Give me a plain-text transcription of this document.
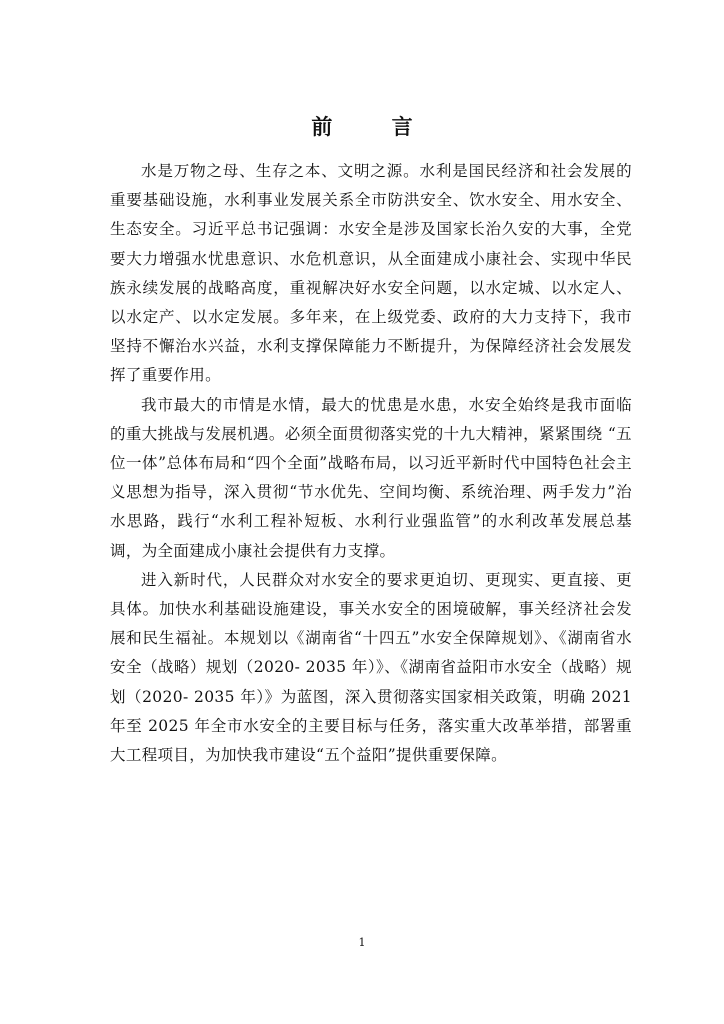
前 言

水是万物之母、生存之本、文明之源。水利是国民经济和社会发展的重要基础设施，水利事业发展关系全市防洪安全、饮水安全、用水安全、生态安全。习近平总书记强调：水安全是涉及国家长治久安的大事，全党要大力增强水忧患意识、水危机意识，从全面建成小康社会、实现中华民族永续发展的战略高度，重视解决好水安全问题，以水定城、以水定人、以水定产、以水定发展。多年来，在上级党委、政府的大力支持下，我市坚持不懈治水兴益，水利支撑保障能力不断提升，为保障经济社会发展发挥了重要作用。

我市最大的市情是水情，最大的忧患是水患，水安全始终是我市面临的重大挑战与发展机遇。必须全面贯彻落实党的十九大精神，紧紧围绕 “五位一体”总体布局和“四个全面”战略布局，以习近平新时代中国特色社会主义思想为指导，深入贯彻“节水优先、空间均衡、系统治理、两手发力”治水思路，践行“水利工程补短板、水利行业强监管”的水利改革发展总基调，为全面建成小康社会提供有力支撑。

进入新时代，人民群众对水安全的要求更迫切、更现实、更直接、更具体。加快水利基础设施建设，事关水安全的困境破解，事关经济社会发展和民生福祉。本规划以《湖南省“十四五”水安全保障规划》、《湖南省水安全（战略）规划（2020- 2035 年）》、《湖南省益阳市水安全（战略）规划（2020- 2035 年）》为蓝图，深入贯彻落实国家相关政策，明确 2021 年至 2025 年全市水安全的主要目标与任务，落实重大改革举措，部署重大工程项目，为加快我市建设“五个益阳”提供重要保障。

1
